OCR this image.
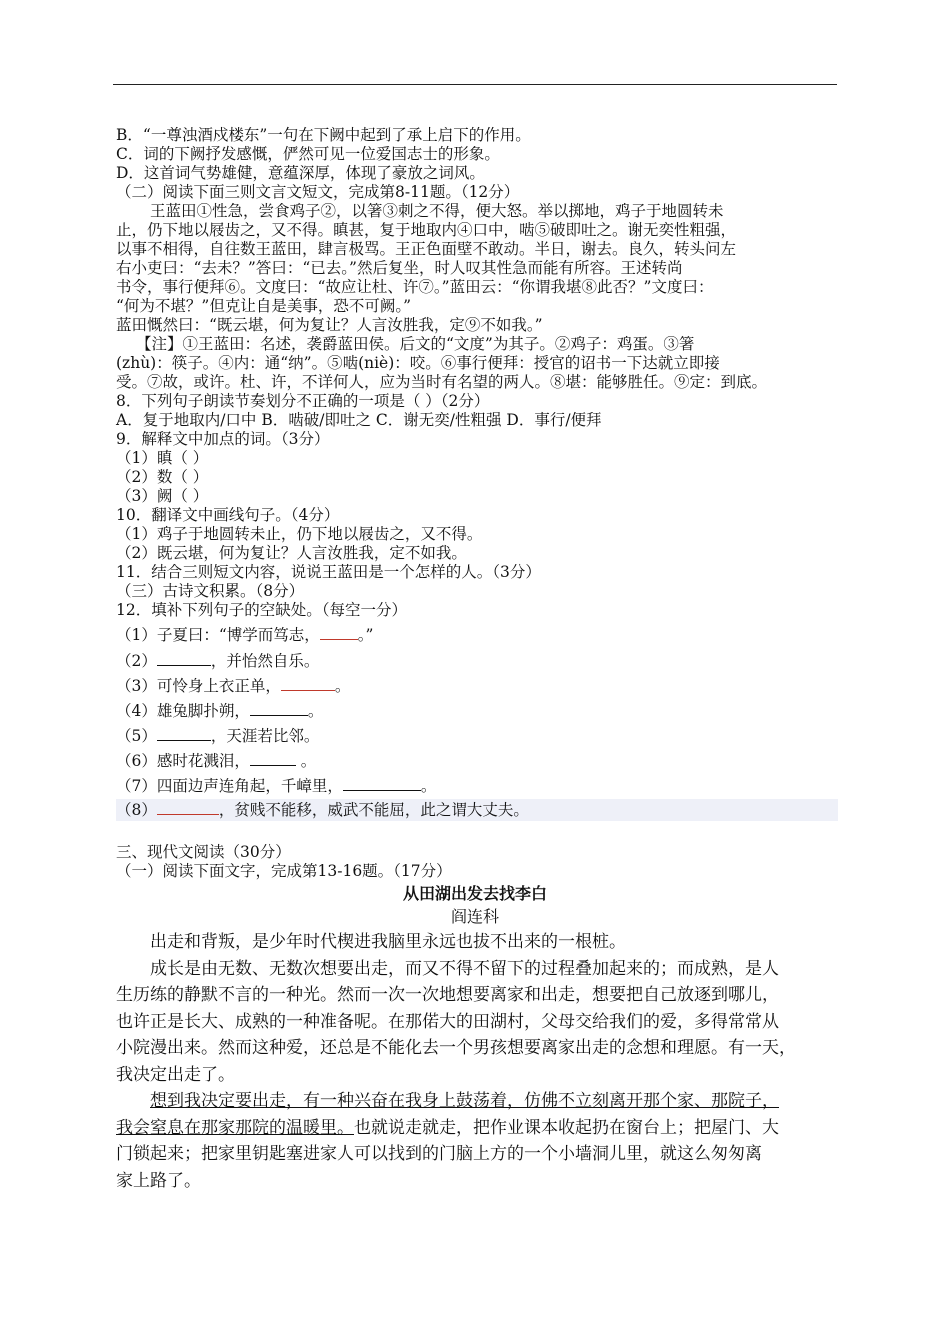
B．“一尊浊酒戍楼东”一句在下阙中起到了承上启下的作用。
C．词的下阙抒发感慨，俨然可见一位爱国志士的形象。
D．这首词气势雄健，意蕴深厚，体现了豪放之词风。
（二）阅读下面三则文言文短文，完成第8-11题。（12分）
王蓝田①性急，尝食鸡子②，以箸③刺之不得，便大怒。举以掷地，鸡子于地圆转未
止，仍下地以屐齿之，又不得。瞋甚，复于地取内④口中，啮⑤破即吐之。谢无奕性粗强，
以事不相得，自往数王蓝田，肆言极骂。王正色面壁不敢动。半日，谢去。良久，转头问左
右小吏曰：“去未？”答曰：“已去。”然后复坐，时人叹其性急而能有所容。王述转尚
书令，事行便拜⑥。文度曰：“故应让杜、许⑦。”蓝田云：“你谓我堪⑧此否？”文度曰：
“何为不堪？”但克让自是美事，恐不可阙。”
蓝田慨然曰：“既云堪，何为复让？人言汝胜我，定⑨不如我。”
【注】①王蓝田：名述，袭爵蓝田侯。后文的“文度”为其子。②鸡子：鸡蛋。③箸
(zhù)：筷子。④内：通“纳”。⑤啮(niè)：咬。⑥事行便拜：授官的诏书一下达就立即接
受。⑦故，或许。杜、许，不详何人，应为当时有名望的两人。⑧堪：能够胜任。⑨定：到底。
8．下列句子朗读节奏划分不正确的一项是（ ）（2分）
A．复于地取内/口中 B．啮破/即吐之 C．谢无奕/性粗强 D．事行/便拜
9．解释文中加点的词。（3分）
（1）瞋（ ）
（2）数（ ）
（3）阙（ ）
10．翻译文中画线句子。（4分）
（1）鸡子于地圆转未止，仍下地以屐齿之，又不得。
（2）既云堪，何为复让？人言汝胜我，定不如我。
11．结合三则短文内容，说说王蓝田是一个怎样的人。（3分）
（三）古诗文积累。（8分）
12．填补下列句子的空缺处。（每空一分）
（1）子夏曰：“博学而笃志， 。”
（2）	，并怡然自乐。
（3）可怜身上衣正单，	。
（4）雄兔脚扑朔，	。
（5）	，天涯若比邻。
（6）感时花溅泪，	。
（7）四面边声连角起，千嶂里，	。
（8）	，贫贱不能移，威武不能屈，此之谓大丈夫。
三、现代文阅读（30分）
（一）阅读下面文字，完成第13-16题。（17分）
从田湖出发去找李白
阎连科
出走和背叛，是少年时代楔进我脑里永远也拔不出来的一根桩。
成长是由无数、无数次想要出走，而又不得不留下的过程叠加起来的；而成熟，是人
生历练的静默不言的一种光。然而一次一次地想要离家和出走，想要把自己放逐到哪儿，
也许正是长大、成熟的一种准备呢。在那偌大的田湖村，父母交给我们的爱，多得常常从
小院漫出来。然而这种爱，还总是不能化去一个男孩想要离家出走的念想和理愿。有一天，
我决定出走了。
想到我决定要出走，有一种兴奋在我身上鼓荡着，仿佛不立刻离开那个家、那院子，
我会窒息在那家那院的温暖里。也就说走就走，把作业课本收起扔在窗台上；把屋门、大
门锁起来；把家里钥匙塞进家人可以找到的门脑上方的一个小墙洞儿里，就这么匆匆离
家上路了。
